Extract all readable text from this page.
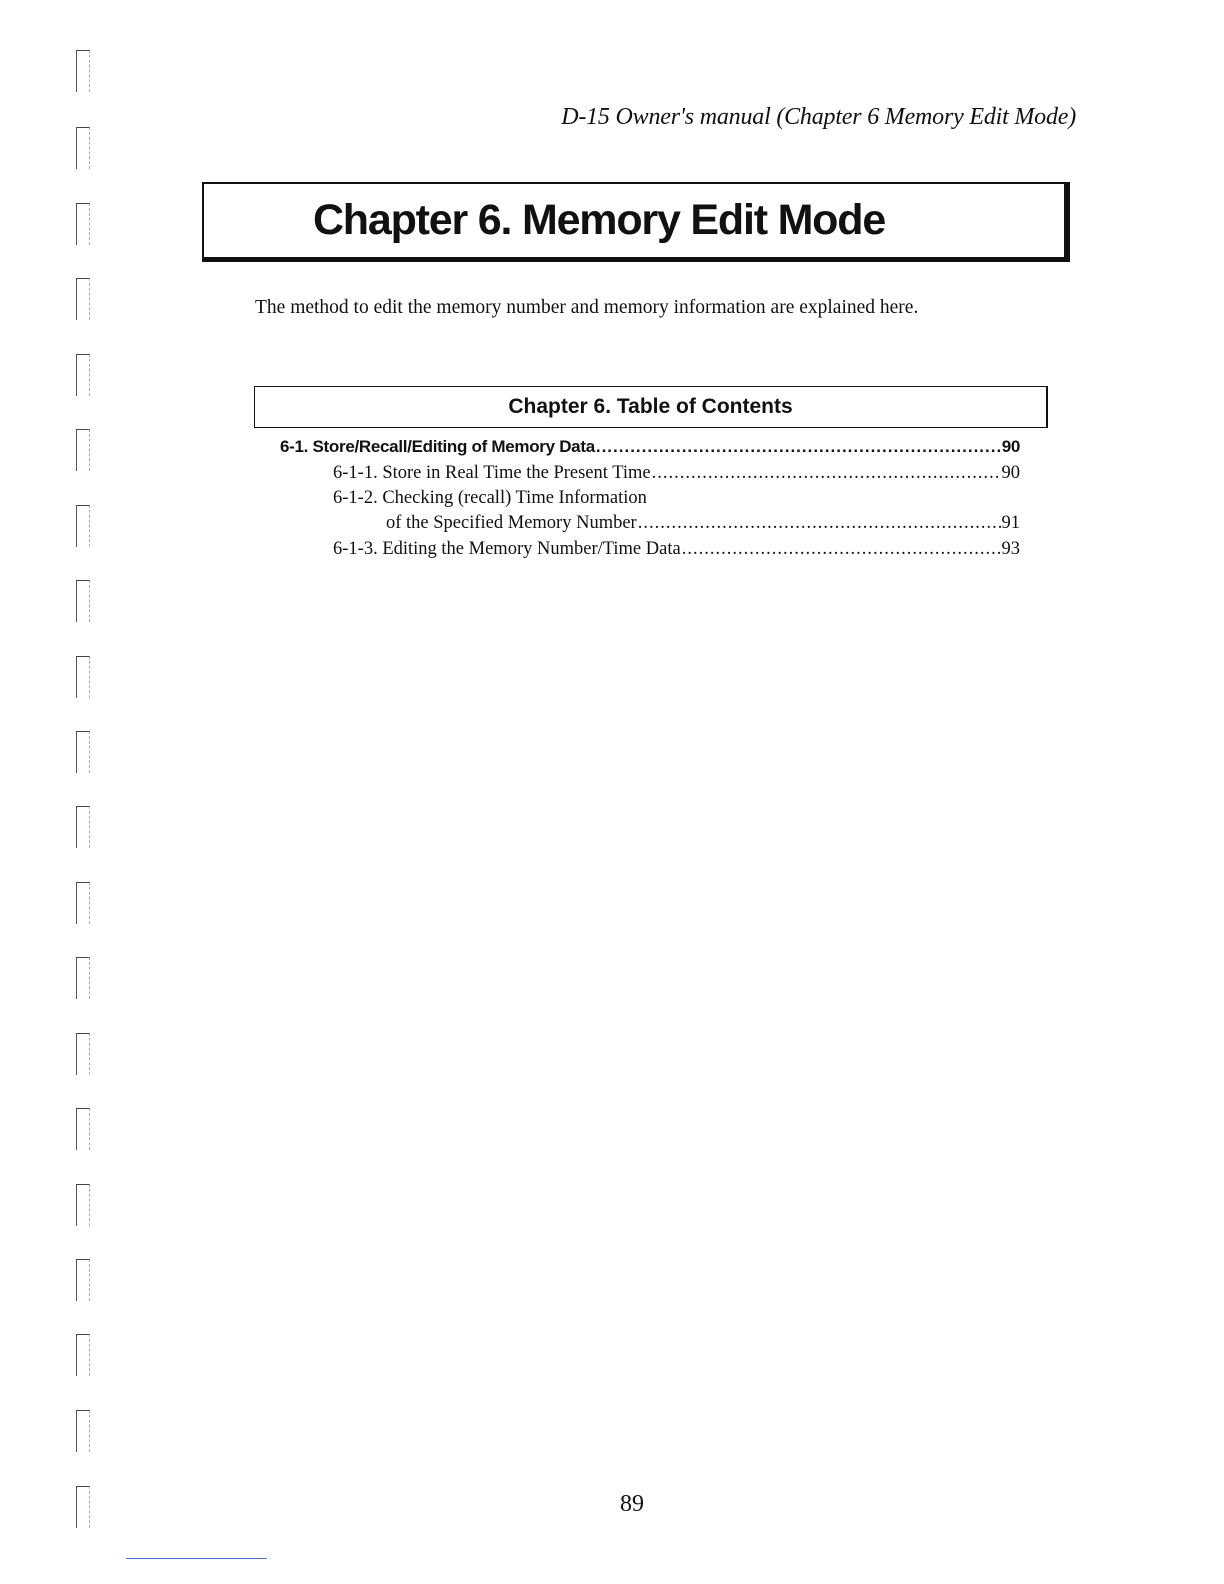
D-15 Owner's manual (Chapter 6 Memory Edit Mode)
Chapter 6. Memory Edit Mode

The method to edit the memory number and memory information are explained here.

Chapter 6. Table of Contents
6-1. Store/Recall/Editing of Memory Data .....	90
6-1-1. Store in Real Time the Present Time .....	90
6-1-2. Checking (recall) Time Information
of the Specified Memory Number .....	91
6-1-3. Editing the Memory Number/Time Data .....	93
89
